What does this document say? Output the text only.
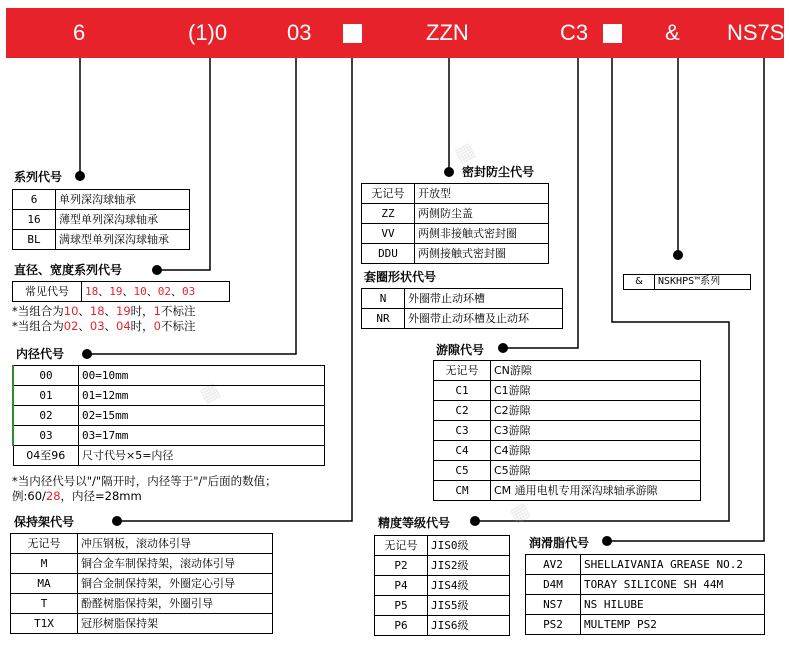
6	(1)0	03	ZZN	C3	& NS7S
▦
▦
▦
系列代号
6	单列深沟球轴承
16	薄型单列深沟球轴承
BL	满球型单列深沟球轴承
直径、宽度系列代号
常见代号	18、19、10、02、03
*当组合为10、18、19时，1不标注
*当组合为02、03、04时，0不标注
内径代号
00	00=10mm
01	01=12mm
02	02=15mm
03	03=17mm
04至96	尺寸代号×5=内径
*当内径代号以"/"隔开时，内径等于"/"后面的数值；
例:60/28，内径=28mm
保持架代号
无记号	冲压钢板，滚动体引导
M	铜合金车制保持架，滚动体引导
MA	铜合金制保持架，外圈定心引导
T	酚醛树脂保持架，外圈引导
T1X	冠形树脂保持架
密封防尘代号
无记号	开放型
ZZ	两侧防尘盖
VV	两侧非接触式密封圈
DDU	两侧接触式密封圈
套圈形状代号
N	外圈带止动环槽
NR	外圈带止动环槽及止动环
&	NSKHPS™系列
游隙代号
无记号	CN游隙
C1	C1游隙
C2	C2游隙
C3	C3游隙
C4	C4游隙
C5	C5游隙
CM	CM 通用电机专用深沟球轴承游隙
精度等级代号
无记号	JIS0级
P2	JIS2级
P4	JIS4级
P5	JIS5级
P6	JIS6级
润滑脂代号
AV2	SHELLAIVANIA GREASE NO.2
D4M	TORAY SILICONE SH 44M
NS7	NS HILUBE
PS2	MULTEMP PS2
